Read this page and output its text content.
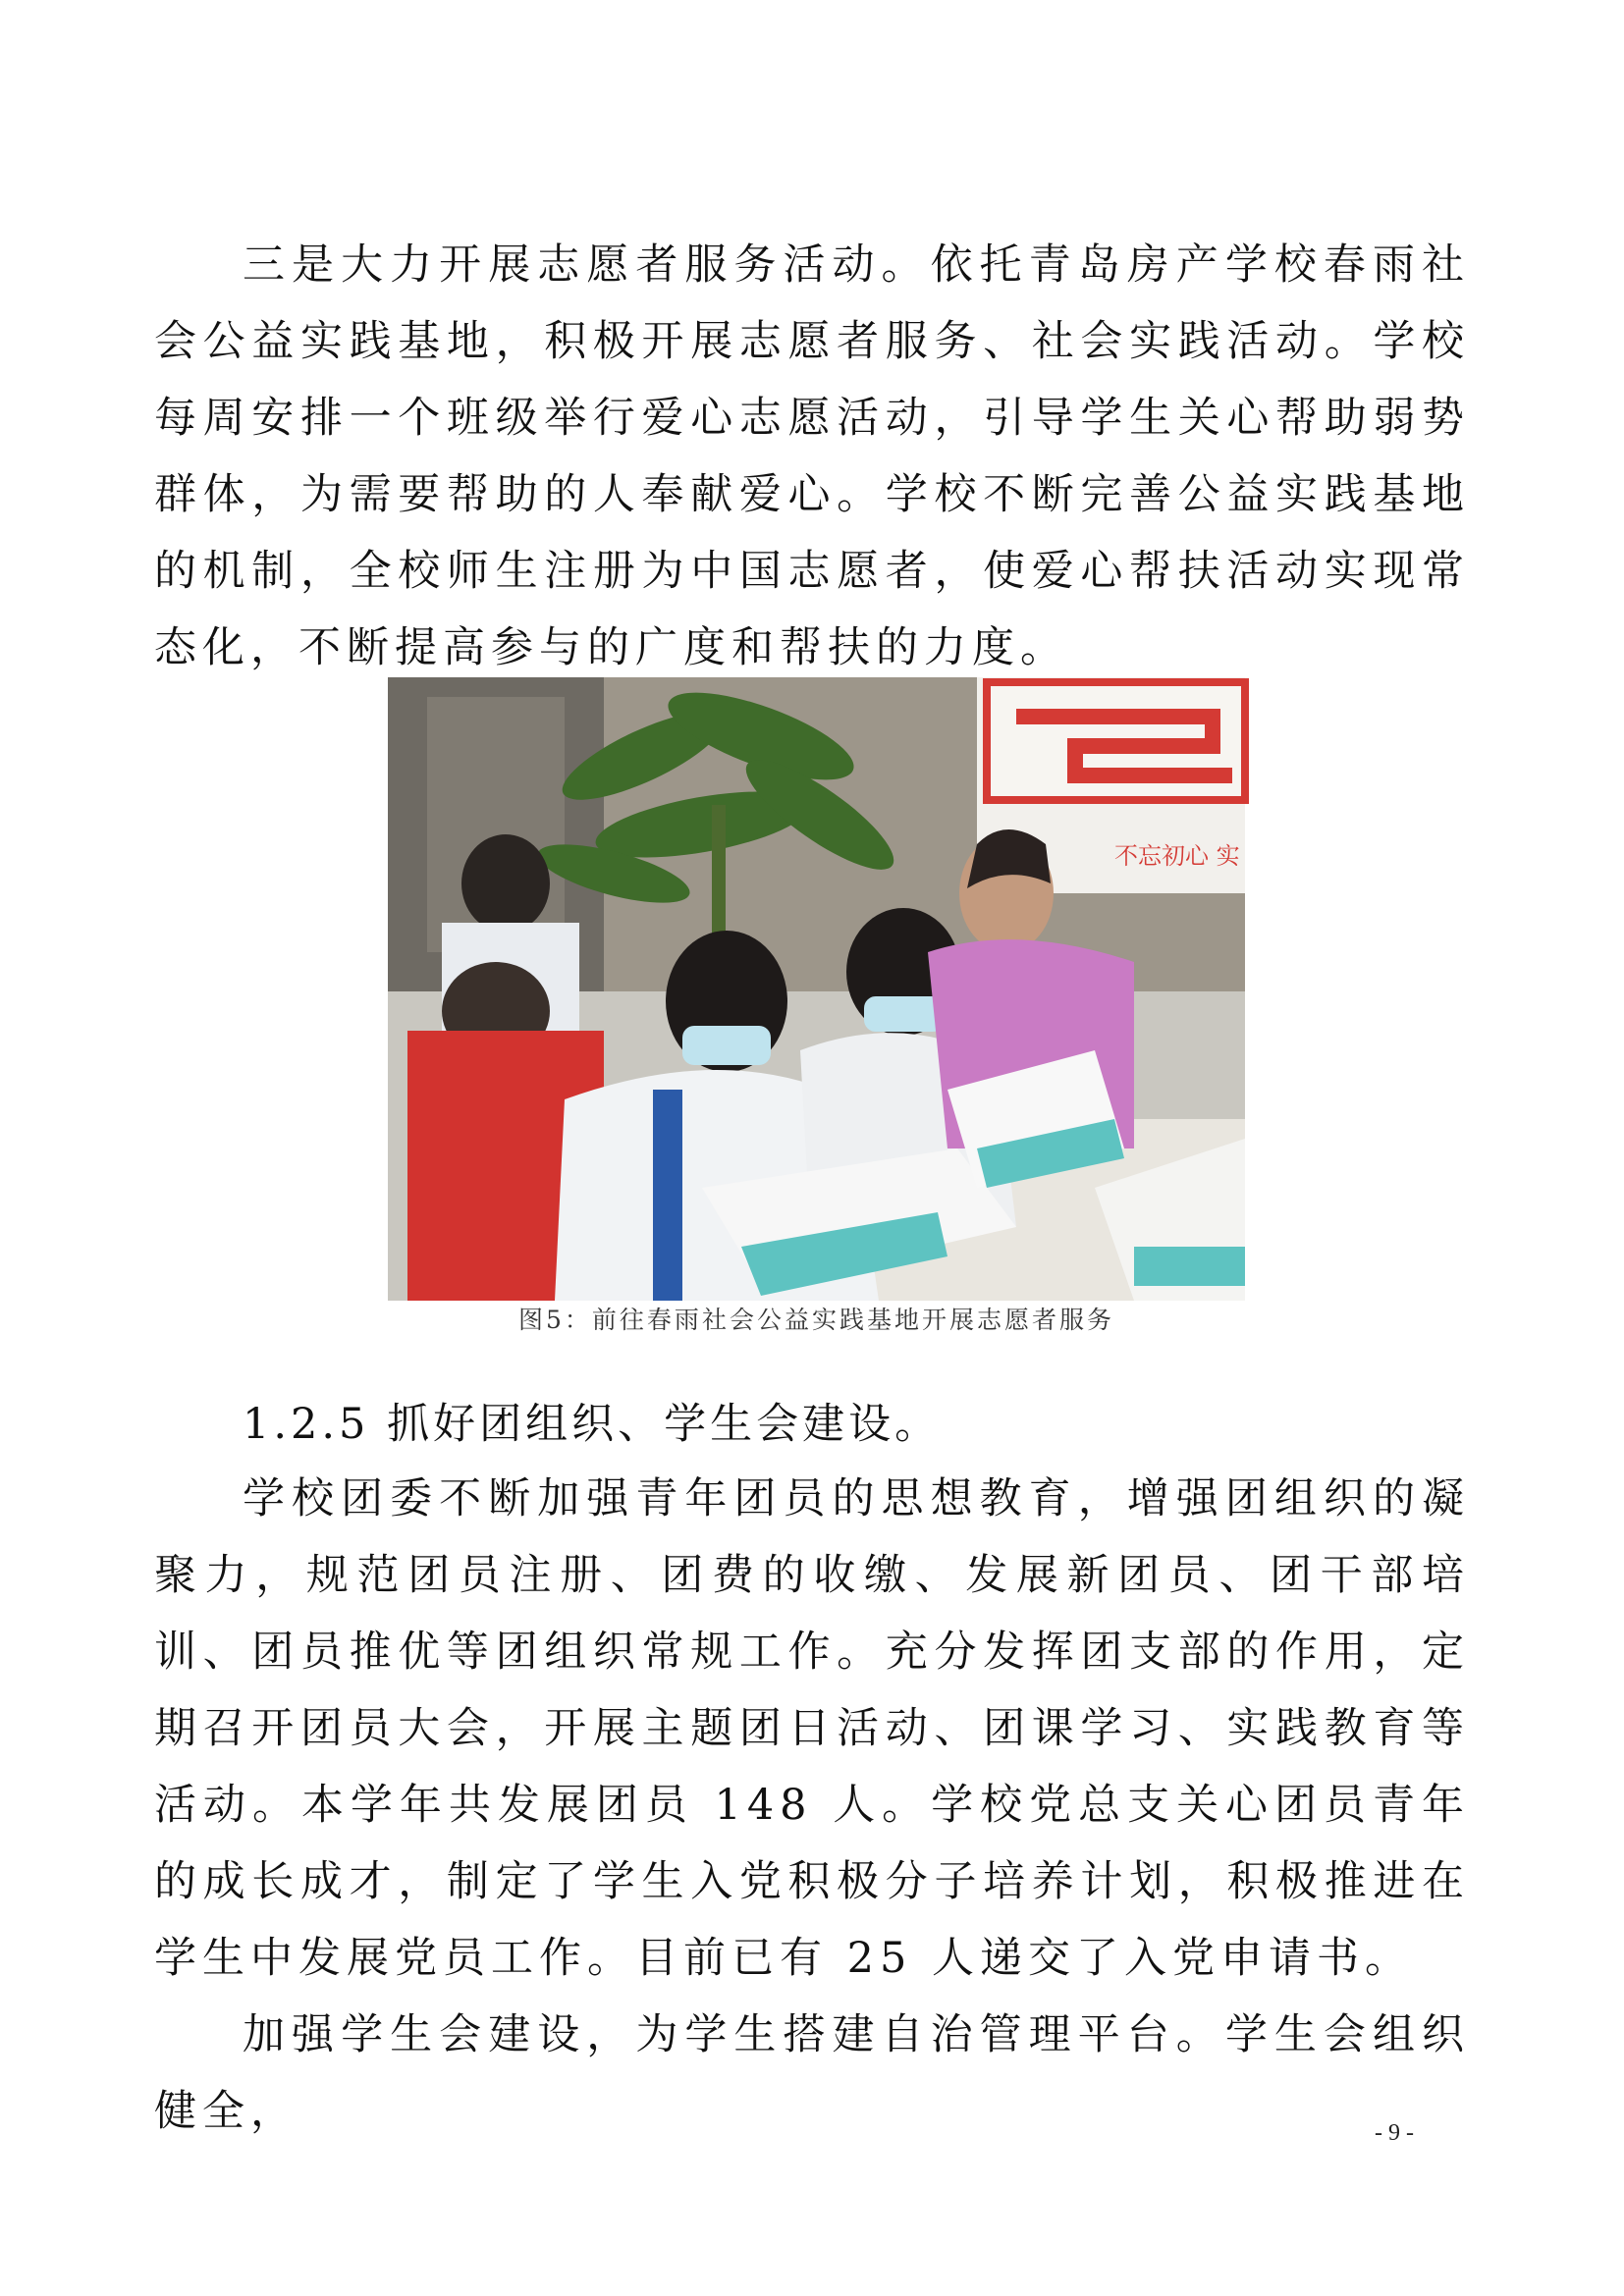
三是大力开展志愿者服务活动。依托青岛房产学校春雨社会公益实践基地，积极开展志愿者服务、社会实践活动。学校每周安排一个班级举行爱心志愿活动，引导学生关心帮助弱势群体，为需要帮助的人奉献爱心。学校不断完善公益实践基地的机制，全校师生注册为中国志愿者，使爱心帮扶活动实现常态化，不断提高参与的广度和帮扶的力度。

不忘初心 实

图5：前往春雨社会公益实践基地开展志愿者服务

1.2.5 抓好团组织、学生会建设。

学校团委不断加强青年团员的思想教育，增强团组织的凝聚力，规范团员注册、团费的收缴、发展新团员、团干部培训、团员推优等团组织常规工作。充分发挥团支部的作用，定期召开团员大会，开展主题团日活动、团课学习、实践教育等活动。本学年共发展团员 148 人。学校党总支关心团员青年的成长成才，制定了学生入党积极分子培养计划，积极推进在学生中发展党员工作。目前已有 25 人递交了入党申请书。

加强学生会建设，为学生搭建自治管理平台。学生会组织健全，	- 9 -
